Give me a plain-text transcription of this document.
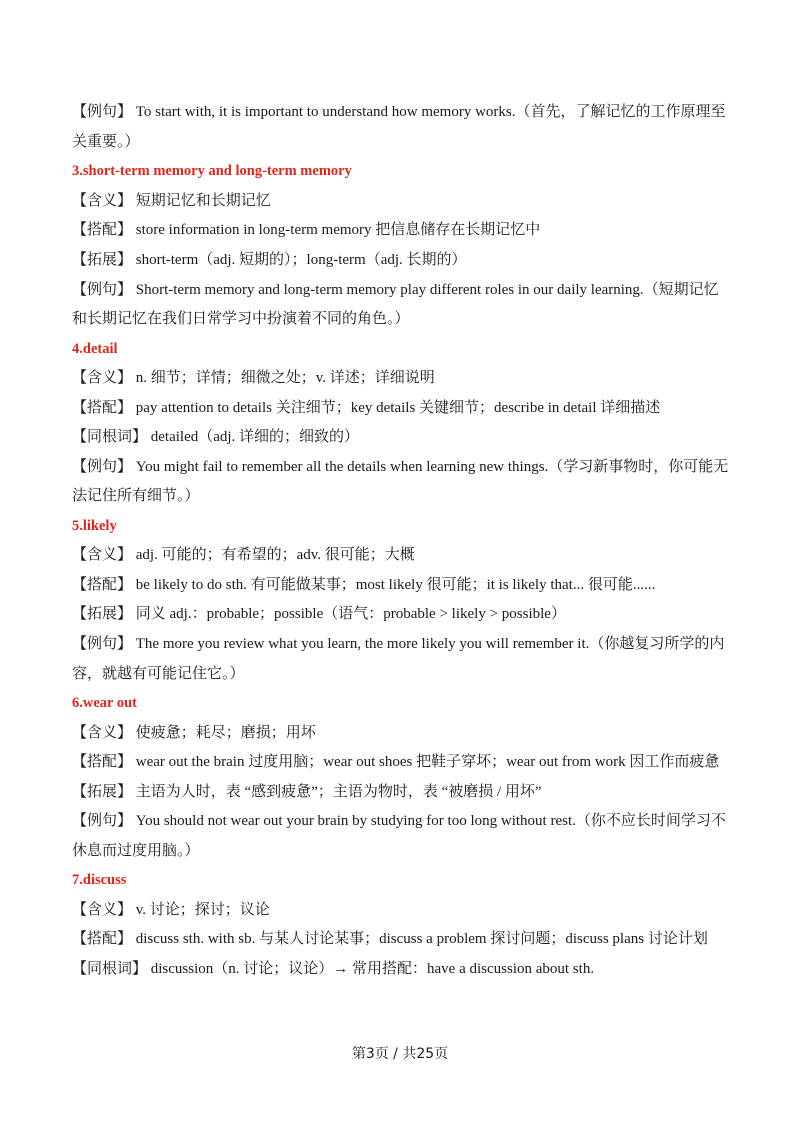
【例句】 To start with, it is important to understand how memory works.（首先，了解记忆的工作原理至
关重要。）
3.short-term memory and long-term memory
【含义】 短期记忆和长期记忆
【搭配】 store information in long-term memory 把信息储存在长期记忆中
【拓展】 short-term（adj. 短期的）；long-term（adj. 长期的）
【例句】 Short-term memory and long-term memory play different roles in our daily learning.（短期记忆
和长期记忆在我们日常学习中扮演着不同的角色。）
4.detail
【含义】 n. 细节；详情；细微之处；v. 详述；详细说明
【搭配】 pay attention to details 关注细节；key details 关键细节；describe in detail 详细描述
【同根词】 detailed（adj. 详细的；细致的）
【例句】 You might fail to remember all the details when learning new things.（学习新事物时，你可能无
法记住所有细节。）
5.likely
【含义】 adj. 可能的；有希望的；adv. 很可能；大概
【搭配】 be likely to do sth. 有可能做某事；most likely 很可能；it is likely that... 很可能......
【拓展】 同义 adj.：probable；possible（语气：probable > likely > possible）
【例句】 The more you review what you learn, the more likely you will remember it.（你越复习所学的内
容，就越有可能记住它。）
6.wear out
【含义】 使疲惫；耗尽；磨损；用坏
【搭配】 wear out the brain 过度用脑；wear out shoes 把鞋子穿坏；wear out from work 因工作而疲惫
【拓展】 主语为人时，表 “感到疲惫”；主语为物时，表 “被磨损 / 用坏”
【例句】 You should not wear out your brain by studying for too long without rest.（你不应长时间学习不
休息而过度用脑。）
7.discuss
【含义】 v. 讨论；探讨；议论
【搭配】 discuss sth. with sb. 与某人讨论某事；discuss a problem 探讨问题；discuss plans 讨论计划
【同根词】 discussion（n. 讨论；议论）→ 常用搭配：have a discussion about sth.
第3页 / 共25页
